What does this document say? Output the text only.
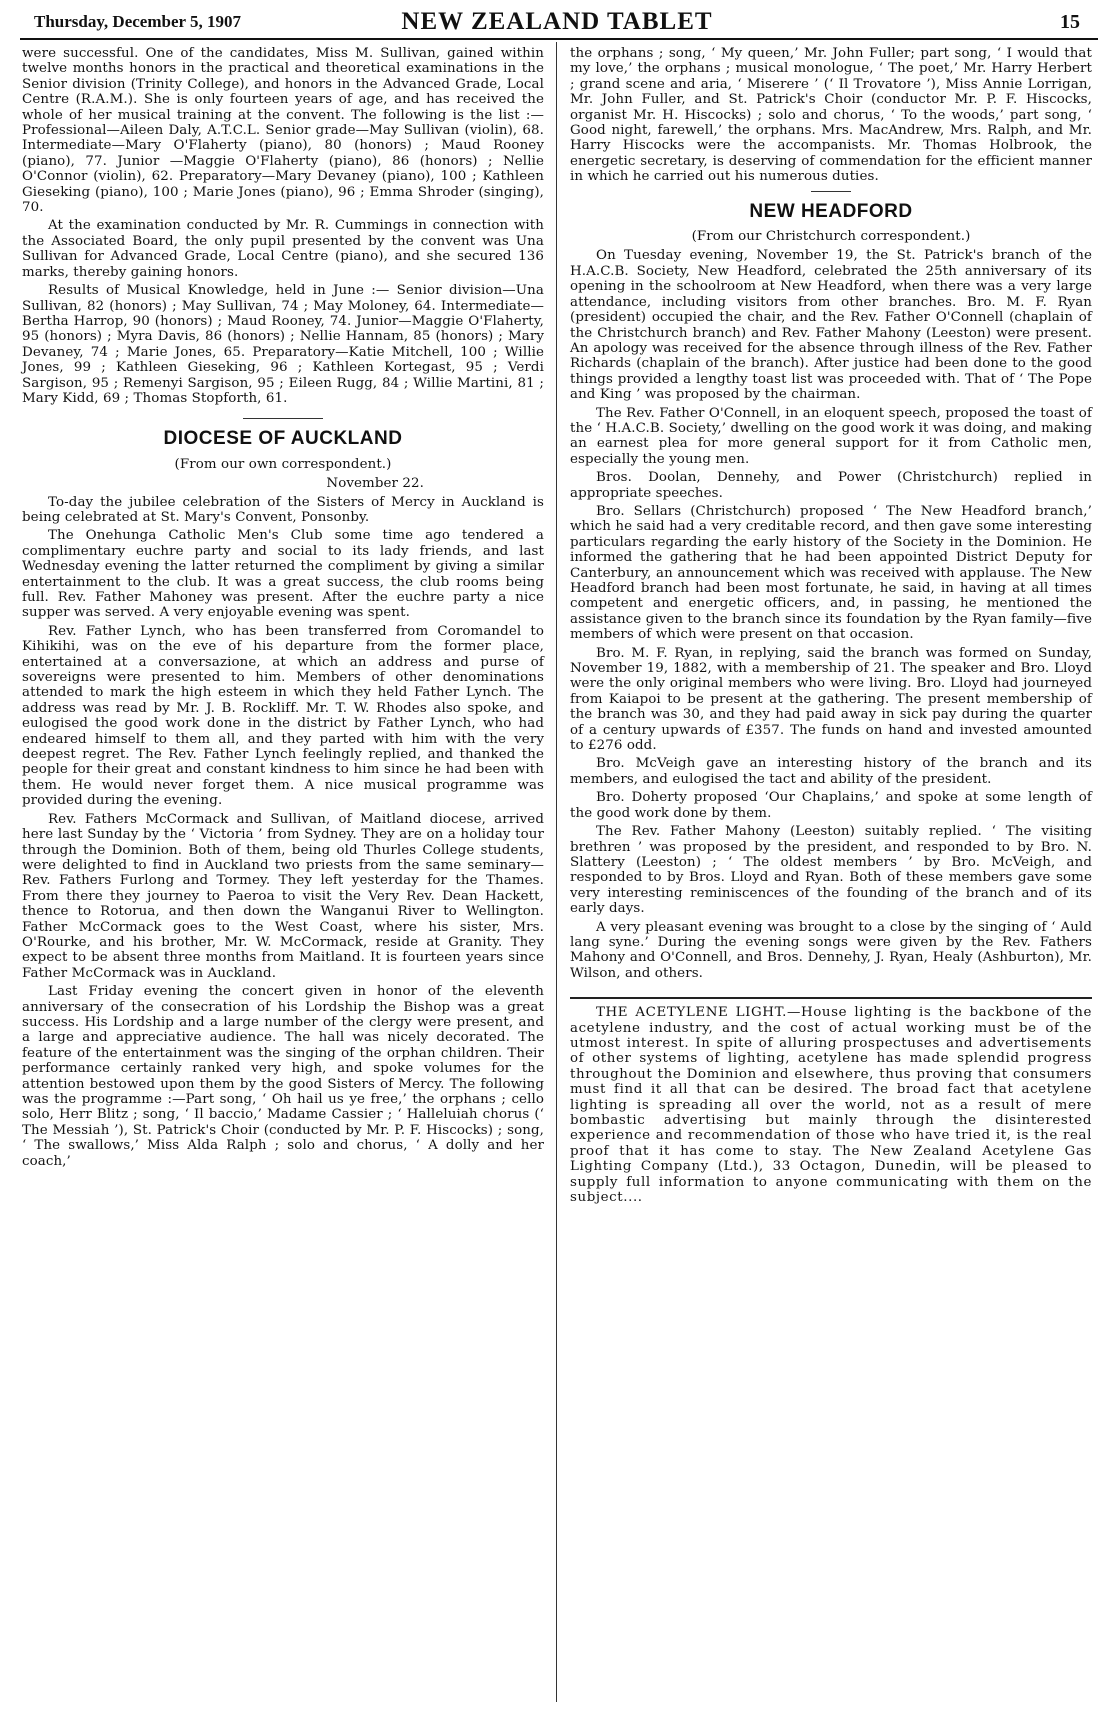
Thursday, December 5, 1907	NEW ZEALAND TABLET	15

were successful. One of the candidates, Miss M. Sullivan, gained within twelve months honors in the practical and theoretical examinations in the Senior division (Trinity College), and honors in the Advanced Grade, Local Centre (R.A.M.). She is only fourteen years of age, and has received the whole of her musical training at the convent. The following is the list :—Professional—Aileen Daly, A.T.C.L. Senior grade—May Sullivan (violin), 68. Intermediate—Mary O'Flaherty (piano), 80 (honors) ; Maud Rooney (piano), 77. Junior —Maggie O'Flaherty (piano), 86 (honors) ; Nellie O'Connor (violin), 62. Preparatory—Mary Devaney (piano), 100 ; Kathleen Gieseking (piano), 100 ; Marie Jones (piano), 96 ; Emma Shroder (singing), 70.

At the examination conducted by Mr. R. Cummings in connection with the Associated Board, the only pupil presented by the convent was Una Sullivan for Advanced Grade, Local Centre (piano), and she secured 136 marks, thereby gaining honors.

Results of Musical Knowledge, held in June :— Senior division—Una Sullivan, 82 (honors) ; May Sullivan, 74 ; May Moloney, 64. Intermediate—Bertha Harrop, 90 (honors) ; Maud Rooney, 74. Junior—Maggie O'Flaherty, 95 (honors) ; Myra Davis, 86 (honors) ; Nellie Hannam, 85 (honors) ; Mary Devaney, 74 ; Marie Jones, 65. Preparatory—Katie Mitchell, 100 ; Willie Jones, 99 ; Kathleen Gieseking, 96 ; Kathleen Kortegast, 95 ; Verdi Sargison, 95 ; Remenyi Sargison, 95 ; Eileen Rugg, 84 ; Willie Martini, 81 ; Mary Kidd, 69 ; Thomas Stopforth, 61.

DIOCESE OF AUCKLAND

(From our own correspondent.)

November 22.

To-day the jubilee celebration of the Sisters of Mercy in Auckland is being celebrated at St. Mary's Convent, Ponsonby.

The Onehunga Catholic Men's Club some time ago tendered a complimentary euchre party and social to its lady friends, and last Wednesday evening the latter returned the compliment by giving a similar entertainment to the club. It was a great success, the club rooms being full. Rev. Father Mahoney was present. After the euchre party a nice supper was served. A very enjoyable evening was spent.

Rev. Father Lynch, who has been transferred from Coromandel to Kihikihi, was on the eve of his departure from the former place, entertained at a conversazione, at which an address and purse of sovereigns were presented to him. Members of other denominations attended to mark the high esteem in which they held Father Lynch. The address was read by Mr. J. B. Rockliff. Mr. T. W. Rhodes also spoke, and eulogised the good work done in the district by Father Lynch, who had endeared himself to them all, and they parted with him with the very deepest regret. The Rev. Father Lynch feelingly replied, and thanked the people for their great and constant kindness to him since he had been with them. He would never forget them. A nice musical programme was provided during the evening.

Rev. Fathers McCormack and Sullivan, of Maitland diocese, arrived here last Sunday by the ‘ Victoria ’ from Sydney. They are on a holiday tour through the Dominion. Both of them, being old Thurles College students, were delighted to find in Auckland two priests from the same seminary—Rev. Fathers Furlong and Tormey. They left yesterday for the Thames. From there they journey to Paeroa to visit the Very Rev. Dean Hackett, thence to Rotorua, and then down the Wanganui River to Wellington. Father McCormack goes to the West Coast, where his sister, Mrs. O'Rourke, and his brother, Mr. W. McCormack, reside at Granity. They expect to be absent three months from Maitland. It is fourteen years since Father McCormack was in Auckland.

Last Friday evening the concert given in honor of the eleventh anniversary of the consecration of his Lordship the Bishop was a great success. His Lordship and a large number of the clergy were present, and a large and appreciative audience. The hall was nicely decorated. The feature of the entertainment was the singing of the orphan children. Their performance certainly ranked very high, and spoke volumes for the attention bestowed upon them by the good Sisters of Mercy. The following was the programme :—Part song, ‘ Oh hail us ye free,’ the orphans ; cello solo, Herr Blitz ; song, ‘ Il baccio,’ Madame Cassier ; ‘ Halleluiah chorus (‘ The Messiah ’), St. Patrick's Choir (conducted by Mr. P. F. Hiscocks) ; song, ‘ The swallows,’ Miss Alda Ralph ; solo and chorus, ‘ A dolly and her coach,’

the orphans ; song, ‘ My queen,’ Mr. John Fuller; part song, ‘ I would that my love,’ the orphans ; musical monologue, ‘ The poet,’ Mr. Harry Herbert ; grand scene and aria, ‘ Miserere ’ (‘ Il Trovatore ’), Miss Annie Lorrigan, Mr. John Fuller, and St. Patrick's Choir (conductor Mr. P. F. Hiscocks, organist Mr. H. Hiscocks) ; solo and chorus, ‘ To the woods,’ part song, ‘ Good night, farewell,’ the orphans. Mrs. MacAndrew, Mrs. Ralph, and Mr. Harry Hiscocks were the accompanists. Mr. Thomas Holbrook, the energetic secretary, is deserving of commendation for the efficient manner in which he carried out his numerous duties.

NEW HEADFORD

(From our Christchurch correspondent.)

On Tuesday evening, November 19, the St. Patrick's branch of the H.A.C.B. Society, New Headford, celebrated the 25th anniversary of its opening in the schoolroom at New Headford, when there was a very large attendance, including visitors from other branches. Bro. M. F. Ryan (president) occupied the chair, and the Rev. Father O'Connell (chaplain of the Christchurch branch) and Rev. Father Mahony (Leeston) were present. An apology was received for the absence through illness of the Rev. Father Richards (chaplain of the branch). After justice had been done to the good things provided a lengthy toast list was proceeded with. That of ‘ The Pope and King ’ was proposed by the chairman.

The Rev. Father O'Connell, in an eloquent speech, proposed the toast of the ‘ H.A.C.B. Society,’ dwelling on the good work it was doing, and making an earnest plea for more general support for it from Catholic men, especially the young men.

Bros. Doolan, Dennehy, and Power (Christchurch) replied in appropriate speeches.

Bro. Sellars (Christchurch) proposed ‘ The New Headford branch,’ which he said had a very creditable record, and then gave some interesting particulars regarding the early history of the Society in the Dominion. He informed the gathering that he had been appointed District Deputy for Canterbury, an announcement which was received with applause. The New Headford branch had been most fortunate, he said, in having at all times competent and energetic officers, and, in passing, he mentioned the assistance given to the branch since its foundation by the Ryan family—five members of which were present on that occasion.

Bro. M. F. Ryan, in replying, said the branch was formed on Sunday, November 19, 1882, with a membership of 21. The speaker and Bro. Lloyd were the only original members who were living. Bro. Lloyd had journeyed from Kaiapoi to be present at the gathering. The present membership of the branch was 30, and they had paid away in sick pay during the quarter of a century upwards of £357. The funds on hand and invested amounted to £276 odd.

Bro. McVeigh gave an interesting history of the branch and its members, and eulogised the tact and ability of the president.

Bro. Doherty proposed ‘Our Chaplains,’ and spoke at some length of the good work done by them.

The Rev. Father Mahony (Leeston) suitably replied. ‘ The visiting brethren ’ was proposed by the president, and responded to by Bro. N. Slattery (Leeston) ; ‘ The oldest members ’ by Bro. McVeigh, and responded to by Bros. Lloyd and Ryan. Both of these members gave some very interesting reminiscences of the founding of the branch and of its early days.

A very pleasant evening was brought to a close by the singing of ‘ Auld lang syne.’ During the evening songs were given by the Rev. Fathers Mahony and O'Connell, and Bros. Dennehy, J. Ryan, Healy (Ashburton), Mr. Wilson, and others.

THE ACETYLENE LIGHT.—House lighting is the backbone of the acetylene industry, and the cost of actual working must be of the utmost interest. In spite of alluring prospectuses and advertisements of other systems of lighting, acetylene has made splendid progress throughout the Dominion and elsewhere, thus proving that consumers must find it all that can be desired. The broad fact that acetylene lighting is spreading all over the world, not as a result of mere bombastic advertising but mainly through the disinterested experience and recommendation of those who have tried it, is the real proof that it has come to stay. The New Zealand Acetylene Gas Lighting Company (Ltd.), 33 Octagon, Dunedin, will be pleased to supply full information to anyone communicating with them on the subject....
